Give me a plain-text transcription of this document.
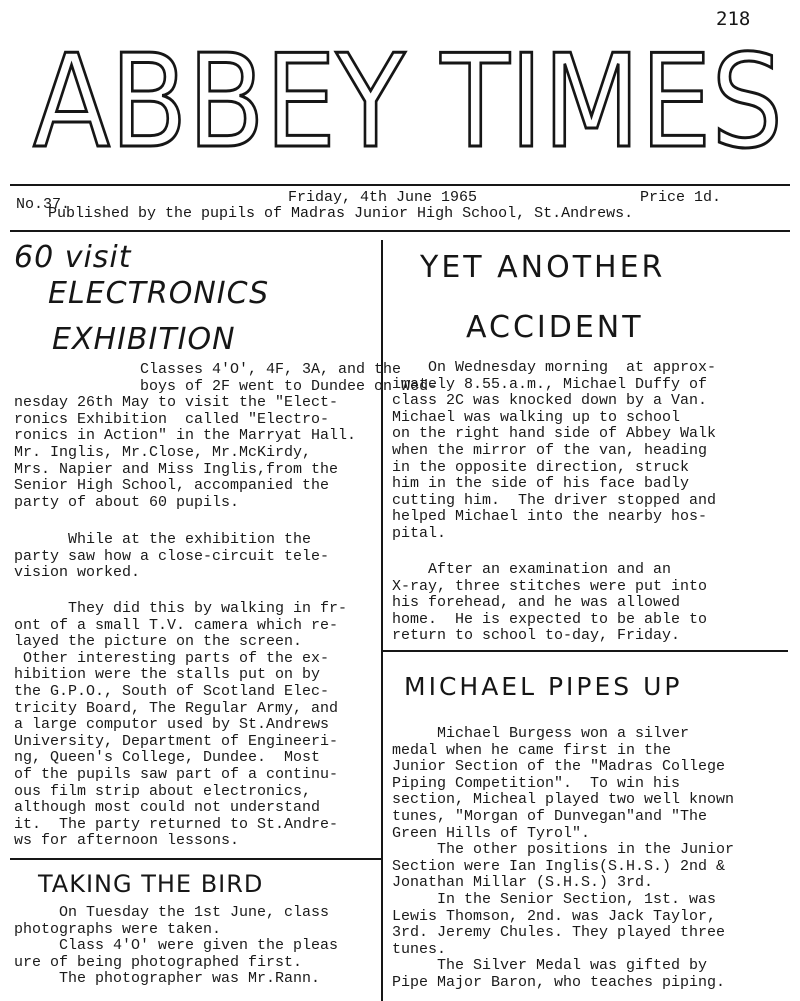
218
ABBEY TIMES
No.37.	Friday, 4th June 1965	Price 1d.
Published by the pupils of Madras Junior High School, St.Andrews.
60 visit
ELECTRONICS
EXHIBITION

Classes 4'O', 4F, 3A, and the
boys of 2F went to Dundee on Wed-
nesday 26th May to visit the "Elect-
ronics Exhibition  called "Electro-
ronics in Action" in the Marryat Hall.
Mr. Inglis, Mr.Close, Mr.McKirdy,
Mrs. Napier and Miss Inglis,from the
Senior High School, accompanied the
party of about 60 pupils.

While at the exhibition the
party saw how a close-circuit tele-
vision worked.

They did this by walking in fr-
ont of a small T.V. camera which re-
layed the picture on the screen.
Other interesting parts of the ex-
hibition were the stalls put on by
the G.P.O., South of Scotland Elec-
tricity Board, The Regular Army, and
a large computor used by St.Andrews
University, Department of Engineeri-
ng, Queen's College, Dundee.  Most
of the pupils saw part of a continu-
ous film strip about electronics,
although most could not understand
it.  The party returned to St.Andre-
ws for afternoon lessons.

TAKING THE BIRD

On Tuesday the 1st June, class
photographs were taken.
Class 4'O' were given the pleas
ure of being photographed first.
The photographer was Mr.Rann.

YET ANOTHER
ACCIDENT

On Wednesday morning  at approx-
imately 8.55.a.m., Michael Duffy of
class 2C was knocked down by a Van.
Michael was walking up to school
on the right hand side of Abbey Walk
when the mirror of the van, heading
in the opposite direction, struck
him in the side of his face badly
cutting him.  The driver stopped and
helped Michael into the nearby hos-
pital.

After an examination and an
X-ray, three stitches were put into
his forehead, and he was allowed
home.  He is expected to be able to
return to school to-day, Friday.

MICHAEL PIPES UP

Michael Burgess won a silver
medal when he came first in the
Junior Section of the "Madras College
Piping Competition".  To win his
section, Micheal played two well known
tunes, "Morgan of Dunvegan"and "The
Green Hills of Tyrol".
The other positions in the Junior
Section were Ian Inglis(S.H.S.) 2nd &
Jonathan Millar (S.H.S.) 3rd.
In the Senior Section, 1st. was
Lewis Thomson, 2nd. was Jack Taylor,
3rd. Jeremy Chules. They played three
tunes.
The Silver Medal was gifted by
Pipe Major Baron, who teaches piping.
